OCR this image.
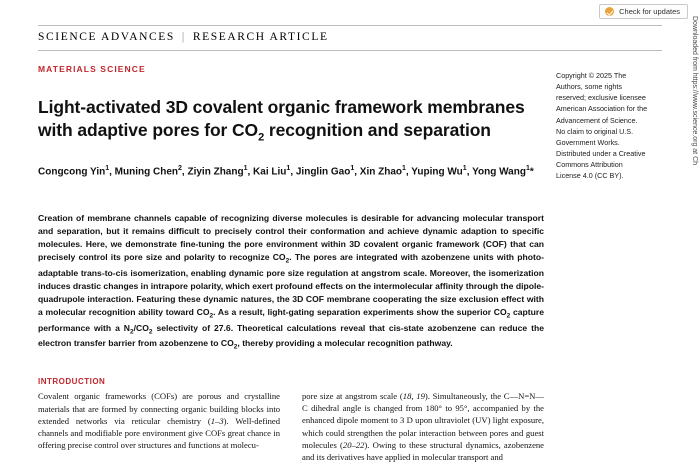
Check for updates
SCIENCE ADVANCES | RESEARCH ARTICLE
MATERIALS SCIENCE
Light-activated 3D covalent organic framework membranes with adaptive pores for $CO_2$ recognition and separation
Congcong Yin$^1$, Muning Chen$^2$, Ziyin Zhang$^1$, Kai Liu$^1$, Jinglin Gao$^1$, Xin Zhao$^1$, Yuping Wu$^1$, Yong Wang$^1$*
Creation of membrane channels capable of recognizing diverse molecules is desirable for advancing molecular transport and separation, but it remains difficult to precisely control their conformation and achieve dynamic adaption to specific molecules. Here, we demonstrate fine-tuning the pore environment within 3D covalent organic framework (COF) that can precisely control its pore size and polarity to recognize $CO_2$. The pores are integrated with azobenzene units with photo-adaptable trans-to-cis isomerization, enabling dynamic pore size regulation at angstrom scale. Moreover, the isomerization induces drastic changes in intrapore polarity, which exert profound effects on the intermolecular affinity through the dipole-quadrupole interaction. Featuring these dynamic natures, the 3D COF membrane cooperating the size exclusion effect with a molecular recognition ability toward $CO_2$. As a result, light-gating separation experiments show the superior $CO_2$ capture performance with a $N_2/CO_2$ selectivity of 27.6. Theoretical calculations reveal that cis-state azobenzene can reduce the electron transfer barrier from azobenzene to $CO_2$, thereby providing a molecular recognition pathway.
Copyright © 2025 The Authors, some rights reserved; exclusive licensee American Association for the Advancement of Science. No claim to original U.S. Government Works. Distributed under a Creative Commons Attribution License 4.0 (CC BY).
Downloaded from https://www.science.org at Ch
INTRODUCTION

Covalent organic frameworks (COFs) are porous and crystalline materials that are formed by connecting organic building blocks into extended networks via reticular chemistry (1–3). Well-defined channels and modifiable pore environment give COFs great chance in offering precise control over structures and functions at molecu-

pore size at angstrom scale (18, 19). Simultaneously, the C—N=N—C dihedral angle is changed from 180° to 95°, accompanied by the enhanced dipole moment to 3 D upon ultraviolet (UV) light exposure, which could strengthen the polar interaction between pores and guest molecules (20–22). Owing to these structural dynamics, azobenzene and its derivatives have applied in molecular transport and
